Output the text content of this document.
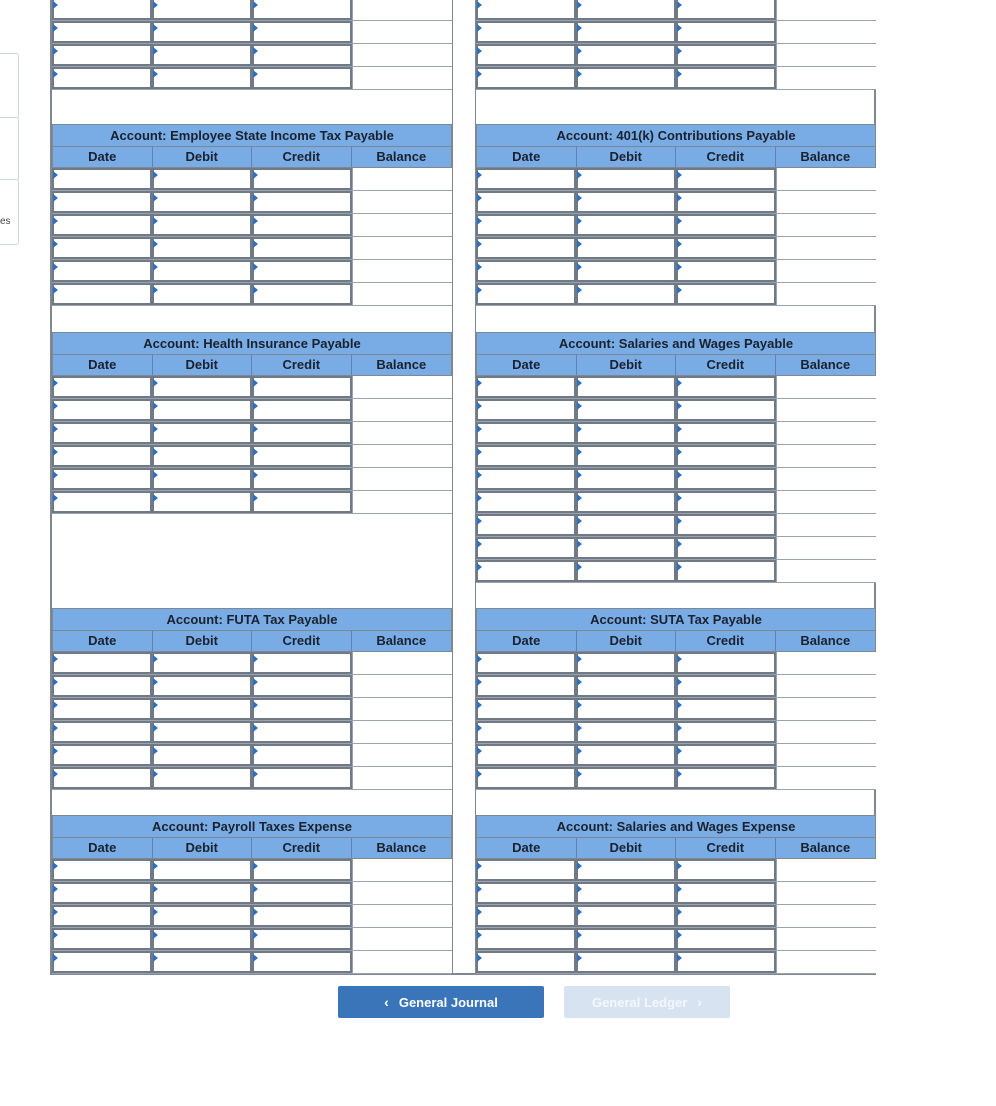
es
Account: Employee State Income Tax Payable
Date	Debit	Credit	Balance
Account: Health Insurance Payable
Date	Debit	Credit	Balance
Account: FUTA Tax Payable
Date	Debit	Credit	Balance
Account: Payroll Taxes Expense
Date	Debit	Credit	Balance
Account: 401(k) Contributions Payable
Date	Debit	Credit	Balance
Account: Salaries and Wages Payable
Date	Debit	Credit	Balance
Account: SUTA Tax Payable
Date	Debit	Credit	Balance
Account: Salaries and Wages Expense
Date	Debit	Credit	Balance
‹ General Journal	General Ledger ›
